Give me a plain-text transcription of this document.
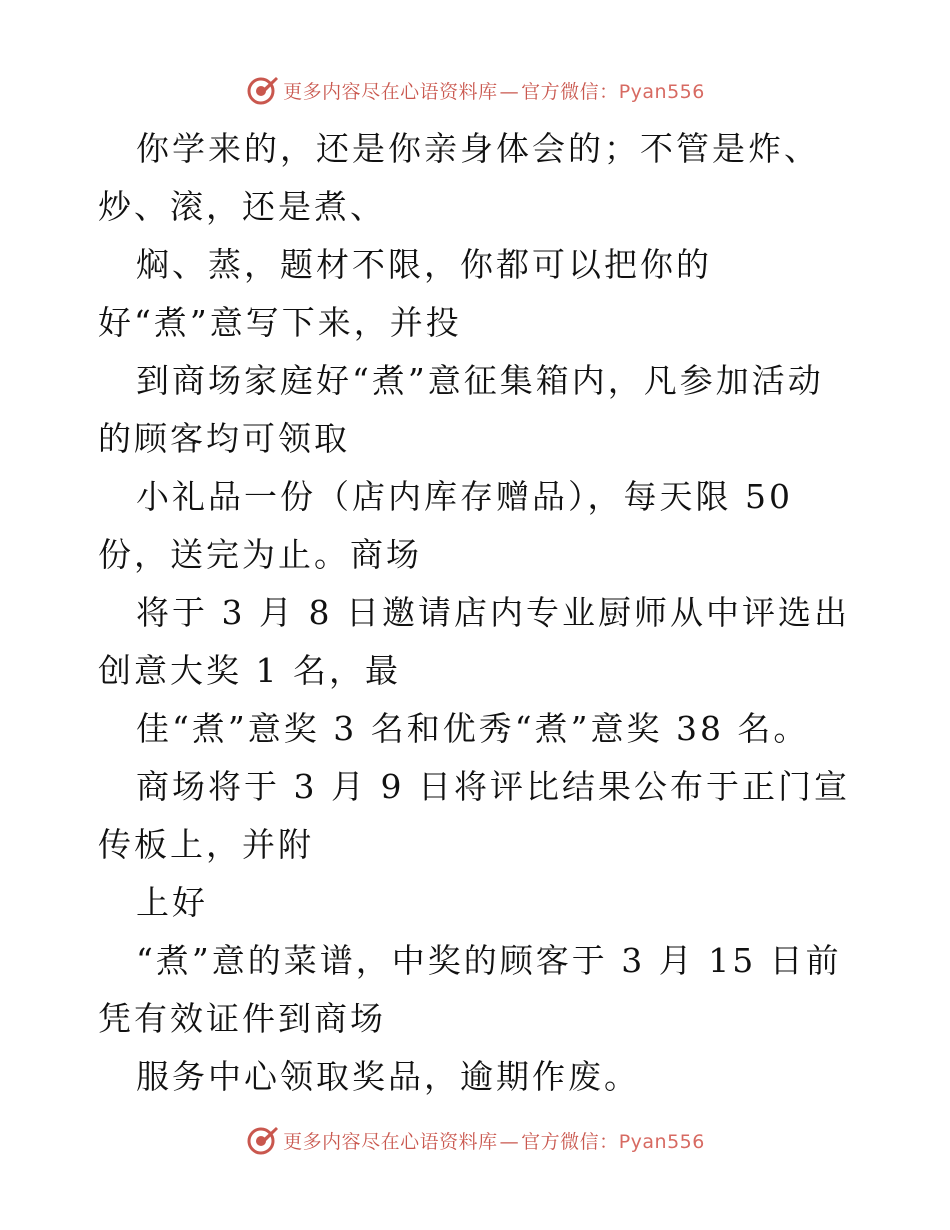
更多内容尽在心语资料库 — 官方微信：Pyan556

你学来的，还是你亲身体会的；不管是炸、炒、滚，还是煮、

焖、蒸，题材不限，你都可以把你的好“煮”意写下来，并投

到商场家庭好“煮”意征集箱内，凡参加活动的顾客均可领取

小礼品一份（店内库存赠品），每天限 50 份，送完为止。商场

将于 3 月 8 日邀请店内专业厨师从中评选出创意大奖 1 名，最

佳“煮”意奖 3 名和优秀“煮”意奖 38 名。

商场将于 3 月 9 日将评比结果公布于正门宣传板上，并附

上好

“煮”意的菜谱，中奖的顾客于 3 月 15 日前凭有效证件到商场

服务中心领取奖品，逾期作废。

更多内容尽在心语资料库 — 官方微信：Pyan556
